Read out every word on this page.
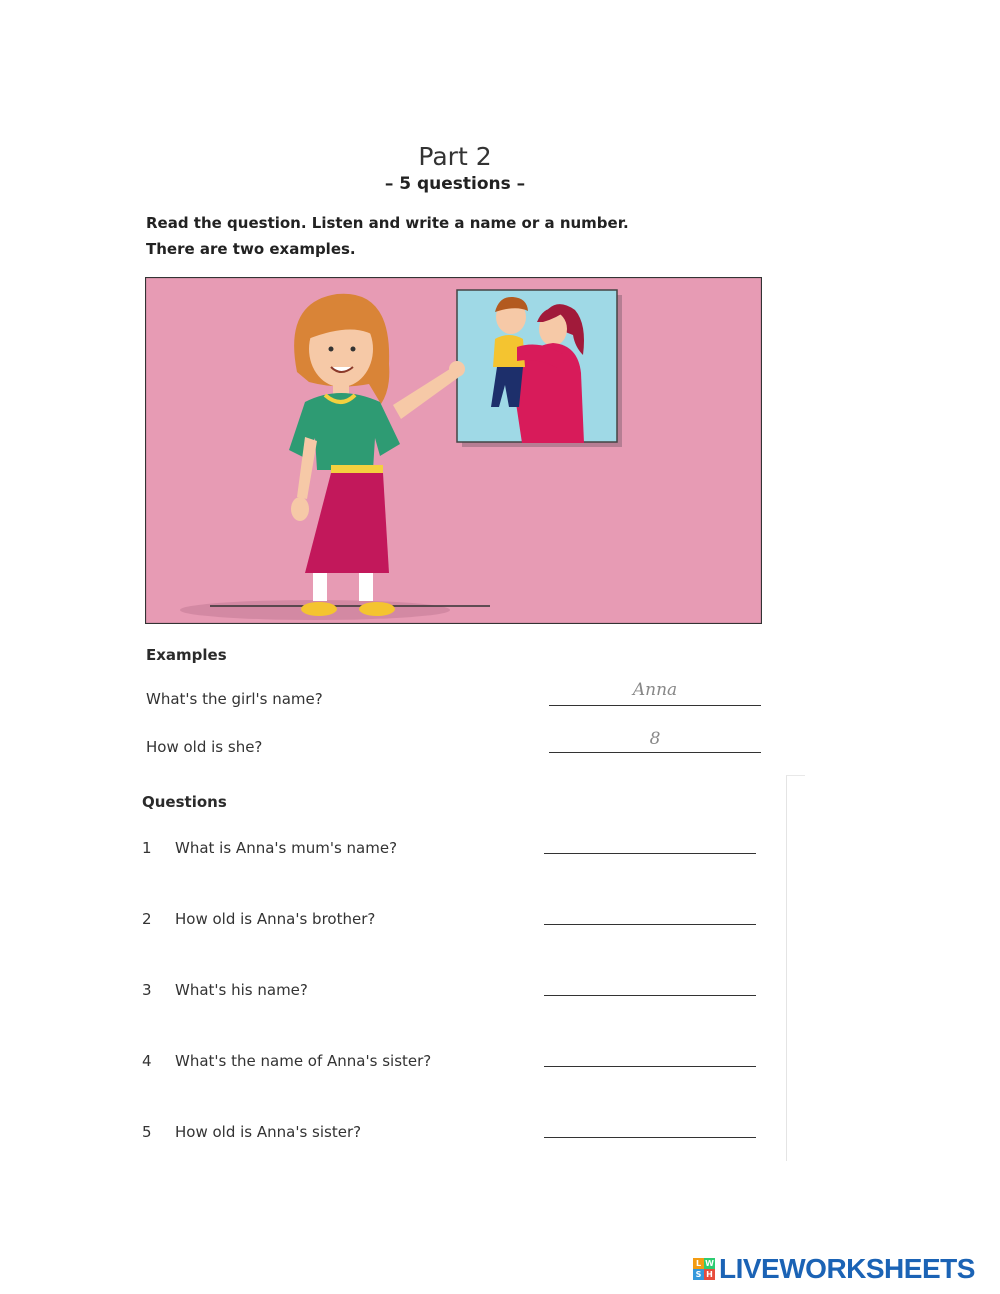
Part 2
– 5 questions –
Read the question. Listen and write a name or a number.
There are two examples.
Examples
What's the girl's name?	Anna
How old is she?	8
Questions
1 What is Anna's mum's name?
2 How old is Anna's brother?
3 What's his name?
4 What's the name of Anna's sister?
5 How old is Anna's sister?
L W
S H LIVEWORKSHEETS
